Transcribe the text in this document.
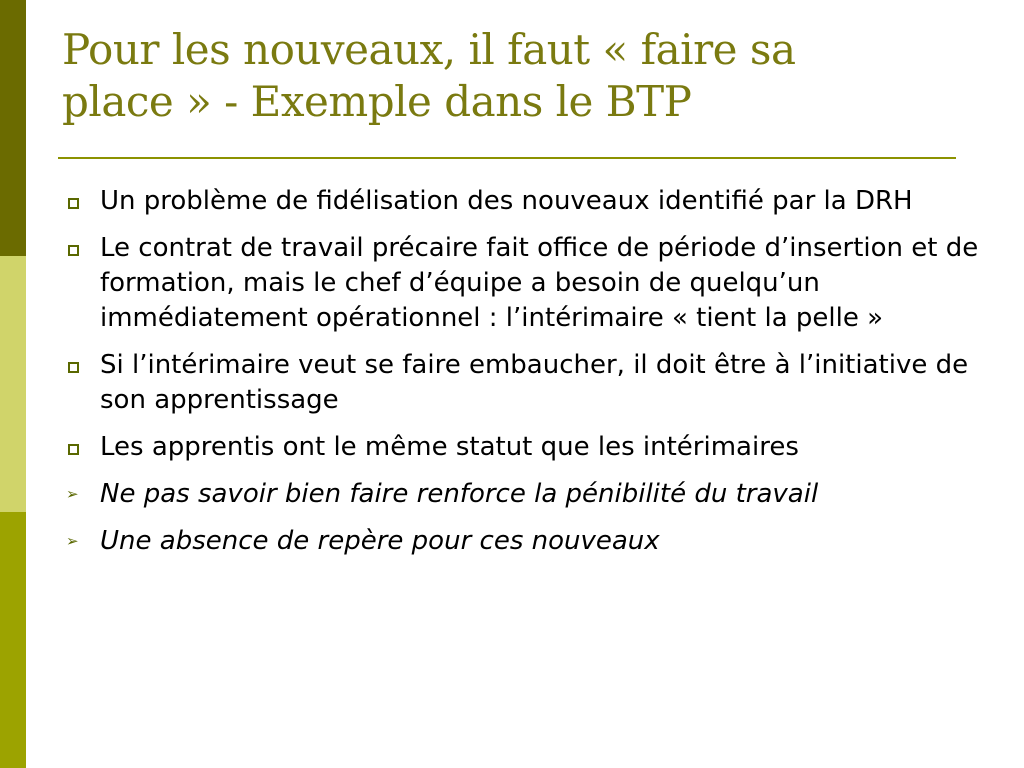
Pour les nouveaux, il faut « faire sa
place » - Exemple dans le BTP
Un problème de fidélisation des nouveaux identifié par la DRH
Le contrat de travail précaire fait office de période d’insertion et de formation, mais le chef d’équipe a besoin de quelqu’un immédiatement opérationnel : l’intérimaire « tient la pelle »
Si l’intérimaire veut se faire embaucher, il doit être à l’initiative de son apprentissage
Les apprentis ont le même statut que les intérimaires
➢ Ne pas savoir bien faire renforce la pénibilité du travail
➢ Une absence de repère pour ces nouveaux
